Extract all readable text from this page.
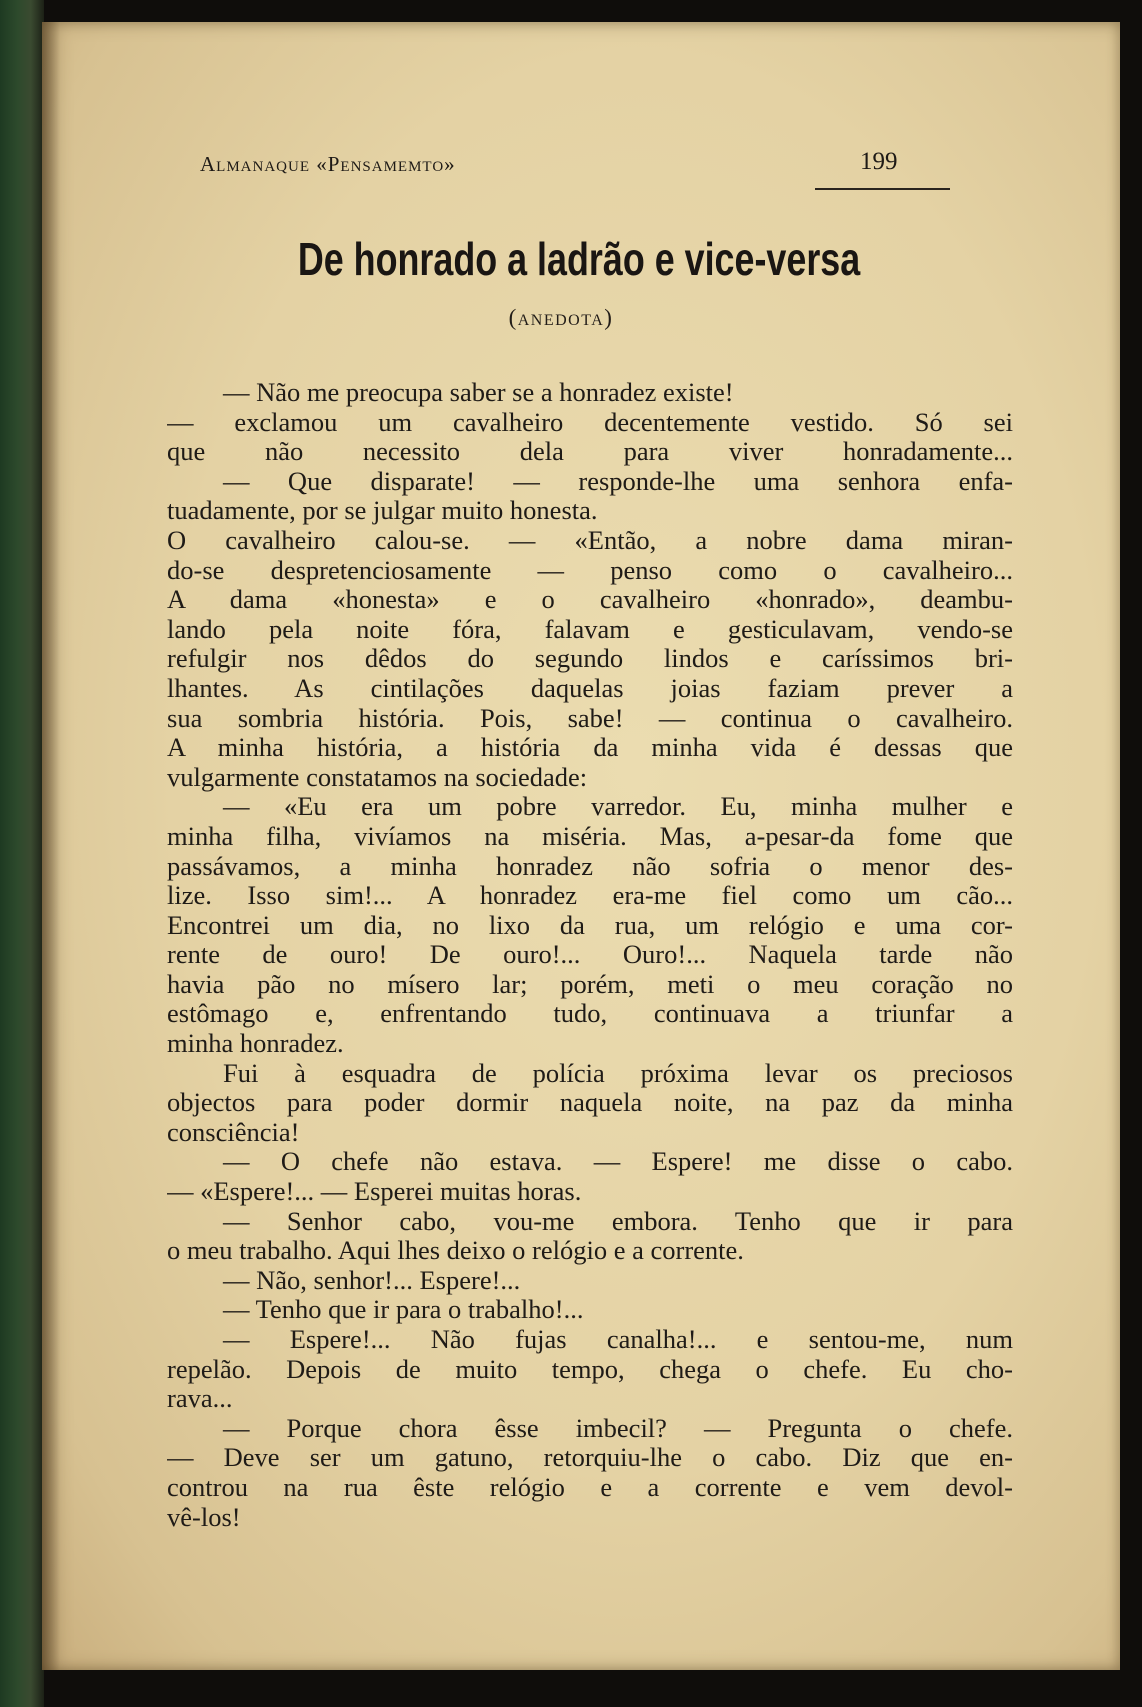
Almanaque «Pensamemto»	199
De honrado a ladrão e vice-versa
(anedota)
— Não me preocupa saber se a honradez existe!
— exclamou um cavalheiro decentemente vestido. Só sei
que não necessito dela para viver honradamente...
— Que disparate! — responde-lhe uma senhora enfa-
tuadamente, por se julgar muito honesta.
O cavalheiro calou-se. — «Então, a nobre dama miran-
do-se despretenciosamente — penso como o cavalheiro...
A dama «honesta» e o cavalheiro «honrado», deambu-
lando pela noite fóra, falavam e gesticulavam, vendo-se
refulgir nos dêdos do segundo lindos e caríssimos bri-
lhantes. As cintilações daquelas joias faziam prever a
sua sombria história. Pois, sabe! — continua o cavalheiro.
A minha história, a história da minha vida é dessas que
vulgarmente constatamos na sociedade:
— «Eu era um pobre varredor. Eu, minha mulher e
minha filha, vivíamos na miséria. Mas, a-pesar-da fome que
passávamos, a minha honradez não sofria o menor des-
lize. Isso sim!... A honradez era-me fiel como um cão...
Encontrei um dia, no lixo da rua, um relógio e uma cor-
rente de ouro! De ouro!... Ouro!... Naquela tarde não
havia pão no mísero lar; porém, meti o meu coração no
estômago e, enfrentando tudo, continuava a triunfar a
minha honradez.
Fui à esquadra de polícia próxima levar os preciosos
objectos para poder dormir naquela noite, na paz da minha
consciência!
— O chefe não estava. — Espere! me disse o cabo.
— «Espere!... — Esperei muitas horas.
— Senhor cabo, vou-me embora. Tenho que ir para
o meu trabalho. Aqui lhes deixo o relógio e a corrente.
— Não, senhor!... Espere!...
— Tenho que ir para o trabalho!...
— Espere!... Não fujas canalha!... e sentou-me, num
repelão. Depois de muito tempo, chega o chefe. Eu cho-
rava...
— Porque chora êsse imbecil? — Pregunta o chefe.
— Deve ser um gatuno, retorquiu-lhe o cabo. Diz que en-
controu na rua êste relógio e a corrente e vem devol-
vê-los!
